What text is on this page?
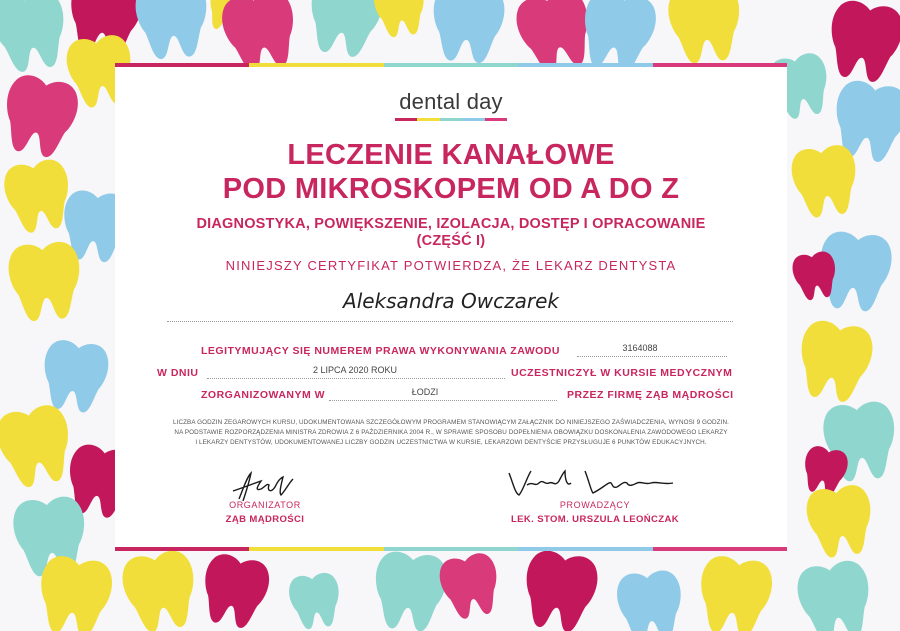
dental day
LECZENIE KANAŁOWE
POD MIKROSKOPEM OD A DO Z
DIAGNOSTYKA, POWIĘKSZENIE, IZOLACJA, DOSTĘP I OPRACOWANIE
(CZĘŚĆ I)
NINIEJSZY CERTYFIKAT POTWIERDZA, ŻE LEKARZ DENTYSTA
Aleksandra Owczarek
LEGITYMUJĄCY SIĘ NUMEREM PRAWA WYKONYWANIA ZAWODU	3164088
W DNIU	2 LIPCA 2020 ROKU	UCZESTNICZYŁ W KURSIE MEDYCZNYM
ZORGANIZOWANYM W	ŁODZI	PRZEZ FIRMĘ ZĄB MĄDROŚCI
LICZBA GODZIN ZEGAROWYCH KURSU, UDOKUMENTOWANA SZCZEGÓŁOWYM PROGRAMEM STANOWIĄCYM ZAŁĄCZNIK DO NINIEJSZEGO ZAŚWIADCZENIA, WYNOSI 9 GODZIN.
NA PODSTAWIE ROZPORZĄDZENIA MINISTRA ZDROWIA Z 6 PAŹDZIERNIKA 2004 R., W SPRAWIE SPOSOBU DOPEŁNIENIA OBOWIĄZKU DOSKONALENIA ZAWODOWEGO LEKARZY
I LEKARZY DENTYSTÓW, UDOKUMENTOWANEJ LICZBY GODZIN UCZESTNICTWA W KURSIE, LEKARZOWI DENTYŚCIE PRZYSŁUGUJE 6 PUNKTÓW EDUKACYJNYCH.
ORGANIZATOR
ZĄB MĄDROŚCI
PROWADZĄCY
LEK. STOM. URSZULA LEOŃCZAK
